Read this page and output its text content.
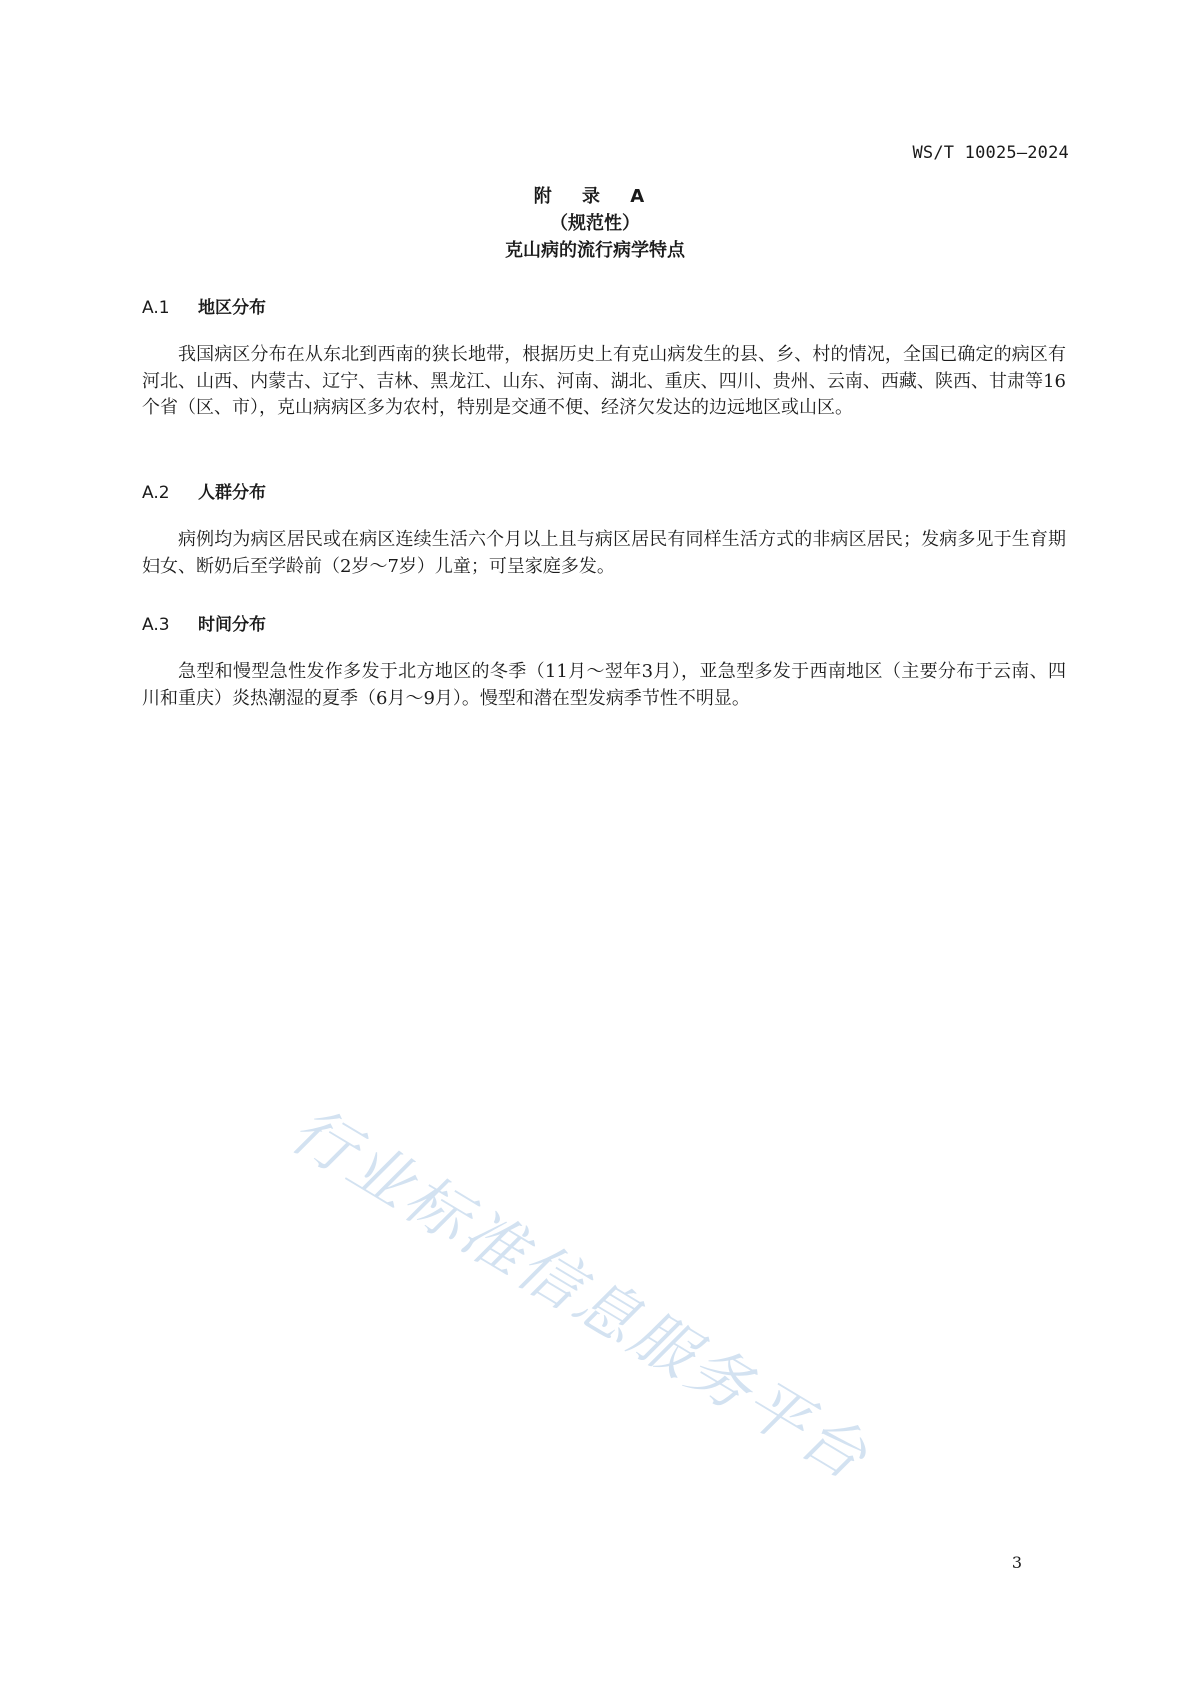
WS/T 10025—2024
附 录 A
（规范性）
克山病的流行病学特点
A.1 地区分布
我国病区分布在从东北到西南的狭长地带，根据历史上有克山病发生的县、乡、村的情况，全国已确定的病区有河北、山西、内蒙古、辽宁、吉林、黑龙江、山东、河南、湖北、重庆、四川、贵州、云南、西藏、陕西、甘肃等16个省（区、市），克山病病区多为农村，特别是交通不便、经济欠发达的边远地区或山区。
A.2 人群分布
病例均为病区居民或在病区连续生活六个月以上且与病区居民有同样生活方式的非病区居民；发病多见于生育期妇女、断奶后至学龄前（2岁～7岁）儿童；可呈家庭多发。
A.3 时间分布
急型和慢型急性发作多发于北方地区的冬季（11月～翌年3月），亚急型多发于西南地区（主要分布于云南、四川和重庆）炎热潮湿的夏季（6月～9月）。慢型和潜在型发病季节性不明显。
行业标准信息服务平台
3
